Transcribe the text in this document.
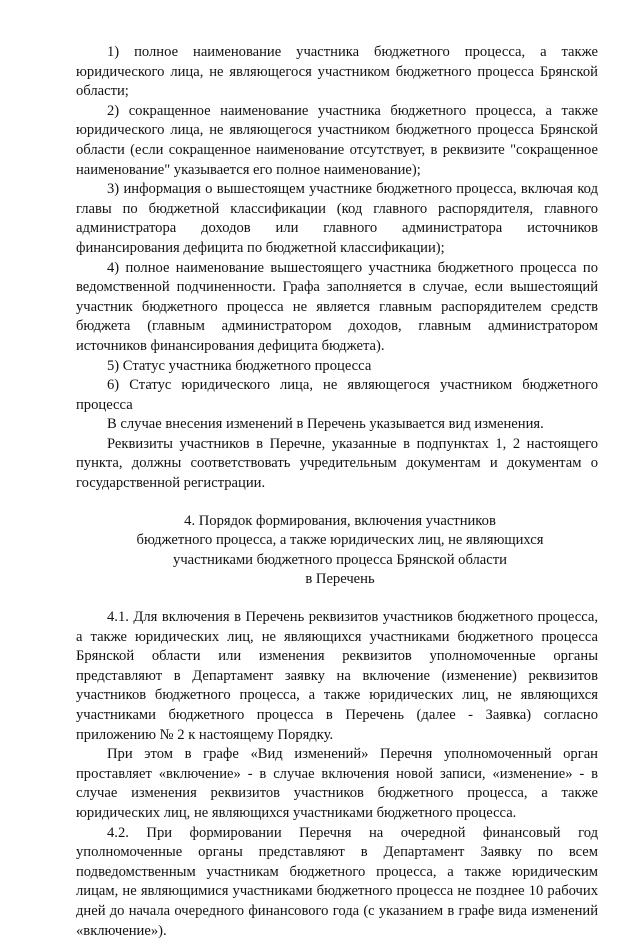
1) полное наименование участника бюджетного процесса, а также юридического лица, не являющегося участником бюджетного процесса Брянской области;

2) сокращенное наименование участника бюджетного процесса, а также юридического лица, не являющегося участником бюджетного процесса Брянской области (если сокращенное наименование отсутствует, в реквизите "сокращенное наименование" указывается его полное наименование);

3) информация о вышестоящем участнике бюджетного процесса, включая код главы по бюджетной классификации (код главного распорядителя, главного администратора доходов или главного администратора источников финансирования дефицита по бюджетной классификации);

4) полное наименование вышестоящего участника бюджетного процесса по ведомственной подчиненности. Графа заполняется в случае, если вышестоящий участник бюджетного процесса не является главным распорядителем средств бюджета (главным администратором доходов, главным администратором источников финансирования дефицита бюджета).

5) Статус участника бюджетного процесса

6) Статус юридического лица, не являющегося участником бюджетного процесса

В случае внесения изменений в Перечень указывается вид изменения.

Реквизиты участников в Перечне, указанные в подпунктах 1, 2 настоящего пункта, должны соответствовать учредительным документам и документам о государственной регистрации.

4. Порядок формирования, включения участников

бюджетного процесса, а также юридических лиц, не являющихся

участниками бюджетного процесса Брянской области

в Перечень

4.1. Для включения в Перечень реквизитов участников бюджетного процесса, а также юридических лиц, не являющихся участниками бюджетного процесса Брянской области или изменения реквизитов уполномоченные органы представляют в Департамент заявку на включение (изменение) реквизитов участников бюджетного процесса, а также юридических лиц, не являющихся участниками бюджетного процесса в Перечень (далее - Заявка) согласно приложению № 2 к настоящему Порядку.

При этом в графе «Вид изменений» Перечня уполномоченный орган проставляет «включение» - в случае включения новой записи, «изменение» - в случае изменения реквизитов участников бюджетного процесса, а также юридических лиц, не являющихся участниками бюджетного процесса.

4.2. При формировании Перечня на очередной финансовый год уполномоченные органы представляют в Департамент Заявку по всем подведомственным участникам бюджетного процесса, а также юридическим лицам, не являющимися участниками бюджетного процесса не позднее 10 рабочих дней до начала очередного финансового года (с указанием в графе вида изменений «включение»).
